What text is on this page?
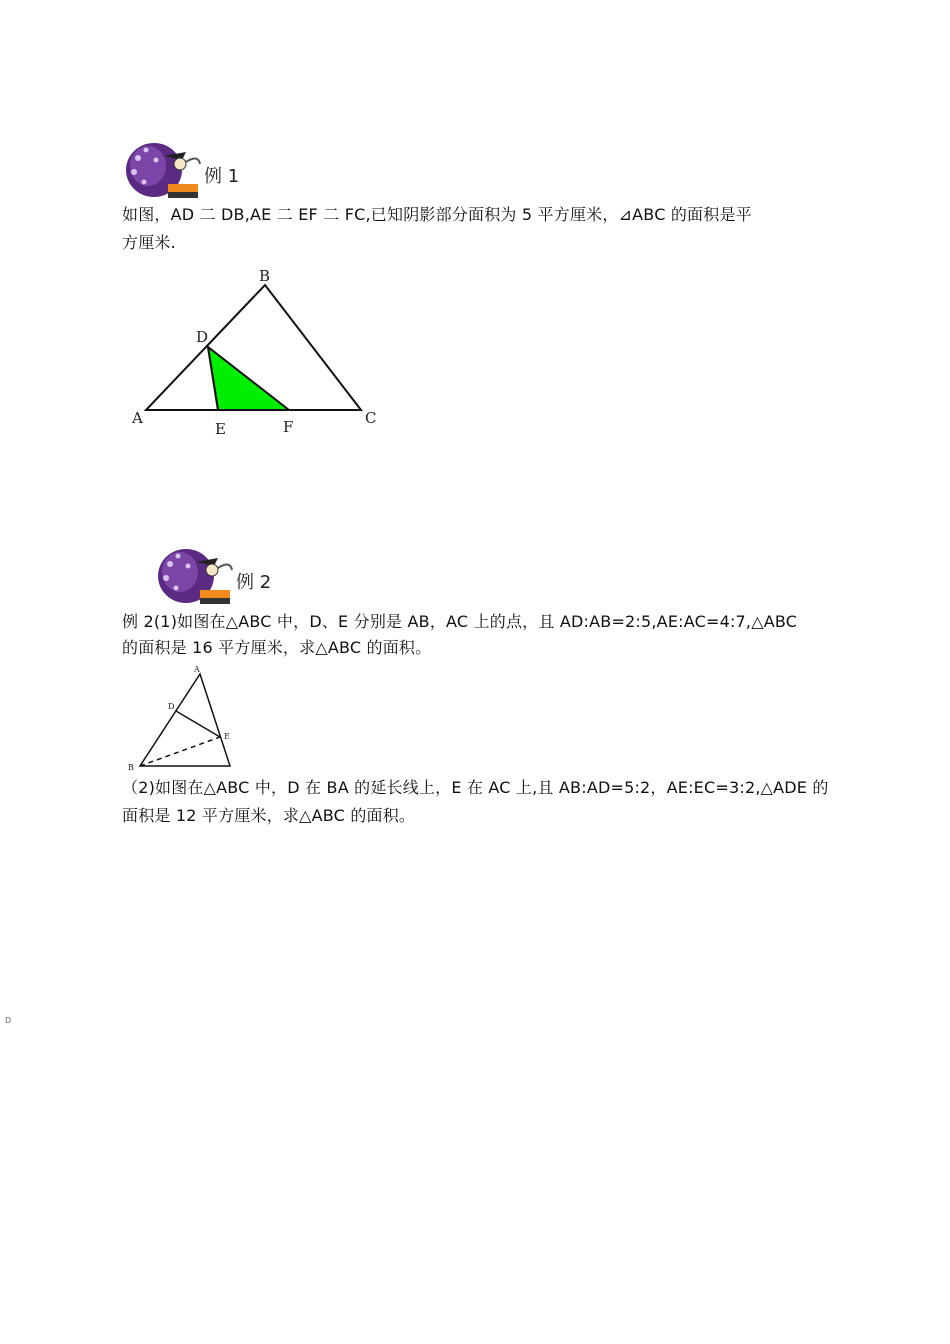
例 1
如图，AD 二 DB,AE 二 EF 二 FC,已知阴影部分面积为 5 平方厘米，⊿ABC 的面积是平
方厘米.
B
D
A
E	F	C
例 2
例 2(1)如图在△ABC 中，D、E 分别是 AB，AC 上的点，且 AD:AB=2:5,AE:AC=4:7,△ABC
的面积是 16 平方厘米，求△ABC 的面积。
A
D
E
B
（2)如图在△ABC 中，D 在 BA 的延长线上，E 在 AC 上,且 AB:AD=5:2，AE:EC=3:2,△ADE 的
面积是 12 平方厘米，求△ABC 的面积。
D
